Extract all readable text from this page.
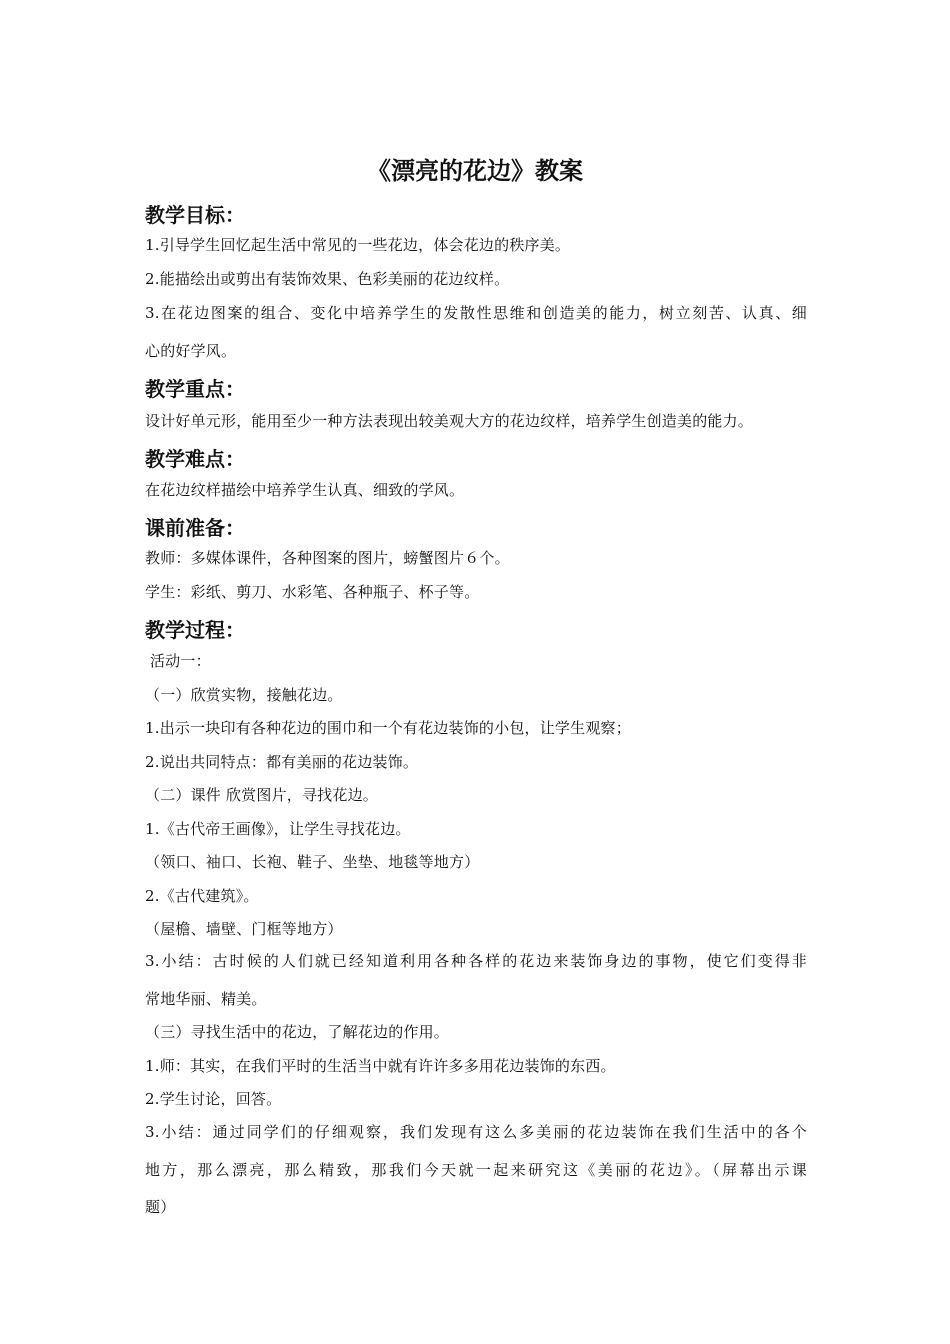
《漂亮的花边》教案
教学目标：
1.引导学生回忆起生活中常见的一些花边，体会花边的秩序美。
2.能描绘出或剪出有装饰效果、色彩美丽的花边纹样。
3.在花边图案的组合、变化中培养学生的发散性思维和创造美的能力，树立刻苦、认真、细
心的好学风。
教学重点：
设计好单元形，能用至少一种方法表现出较美观大方的花边纹样，培养学生创造美的能力。
教学难点：
在花边纹样描绘中培养学生认真、细致的学风。
课前准备：
教师：多媒体课件，各种图案的图片，螃蟹图片６个。
学生：彩纸、剪刀、水彩笔、各种瓶子、杯子等。
教学过程：
活动一：
（一）欣赏实物，接触花边。
1.出示一块印有各种花边的围巾和一个有花边装饰的小包，让学生观察；
2.说出共同特点：都有美丽的花边装饰。
（二）课件 欣赏图片，寻找花边。
1.《古代帝王画像》，让学生寻找花边。
（领口、袖口、长袍、鞋子、坐垫、地毯等地方）
2.《古代建筑》。
（屋檐、墙壁、门框等地方）
3.小结：古时候的人们就已经知道利用各种各样的花边来装饰身边的事物，使它们变得非
常地华丽、精美。
（三）寻找生活中的花边，了解花边的作用。
1.师：其实，在我们平时的生活当中就有许许多多用花边装饰的东西。
2.学生讨论，回答。
3.小结：通过同学们的仔细观察，我们发现有这么多美丽的花边装饰在我们生活中的各个
地方，那么漂亮，那么精致，那我们今天就一起来研究这《美丽的花边》。（屏幕出示课
题）
